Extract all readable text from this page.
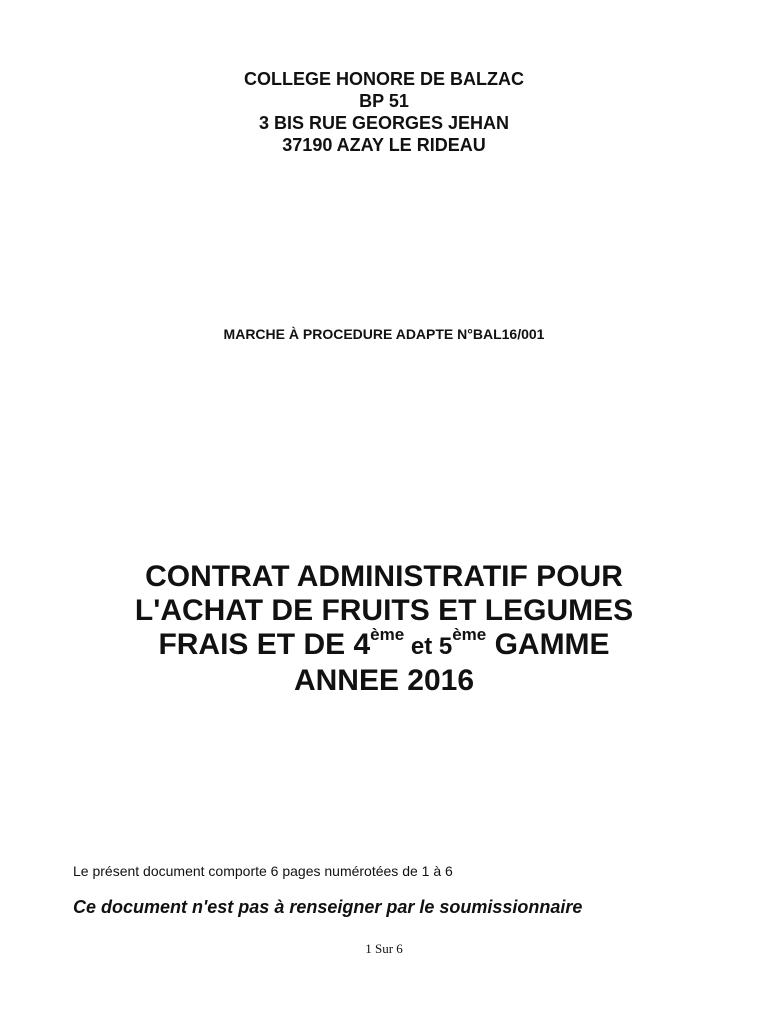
COLLEGE HONORE DE BALZAC
BP 51
3 BIS RUE GEORGES JEHAN
37190 AZAY LE RIDEAU
MARCHE À PROCEDURE ADAPTE N°BAL16/001
CONTRAT ADMINISTRATIF POUR
L'ACHAT DE FRUITS ET LEGUMES
FRAIS ET DE 4ème et 5ème GAMME
ANNEE 2016
Le présent document comporte 6 pages numérotées de 1 à 6
Ce document n'est pas à renseigner par le soumissionnaire
1 Sur 6
